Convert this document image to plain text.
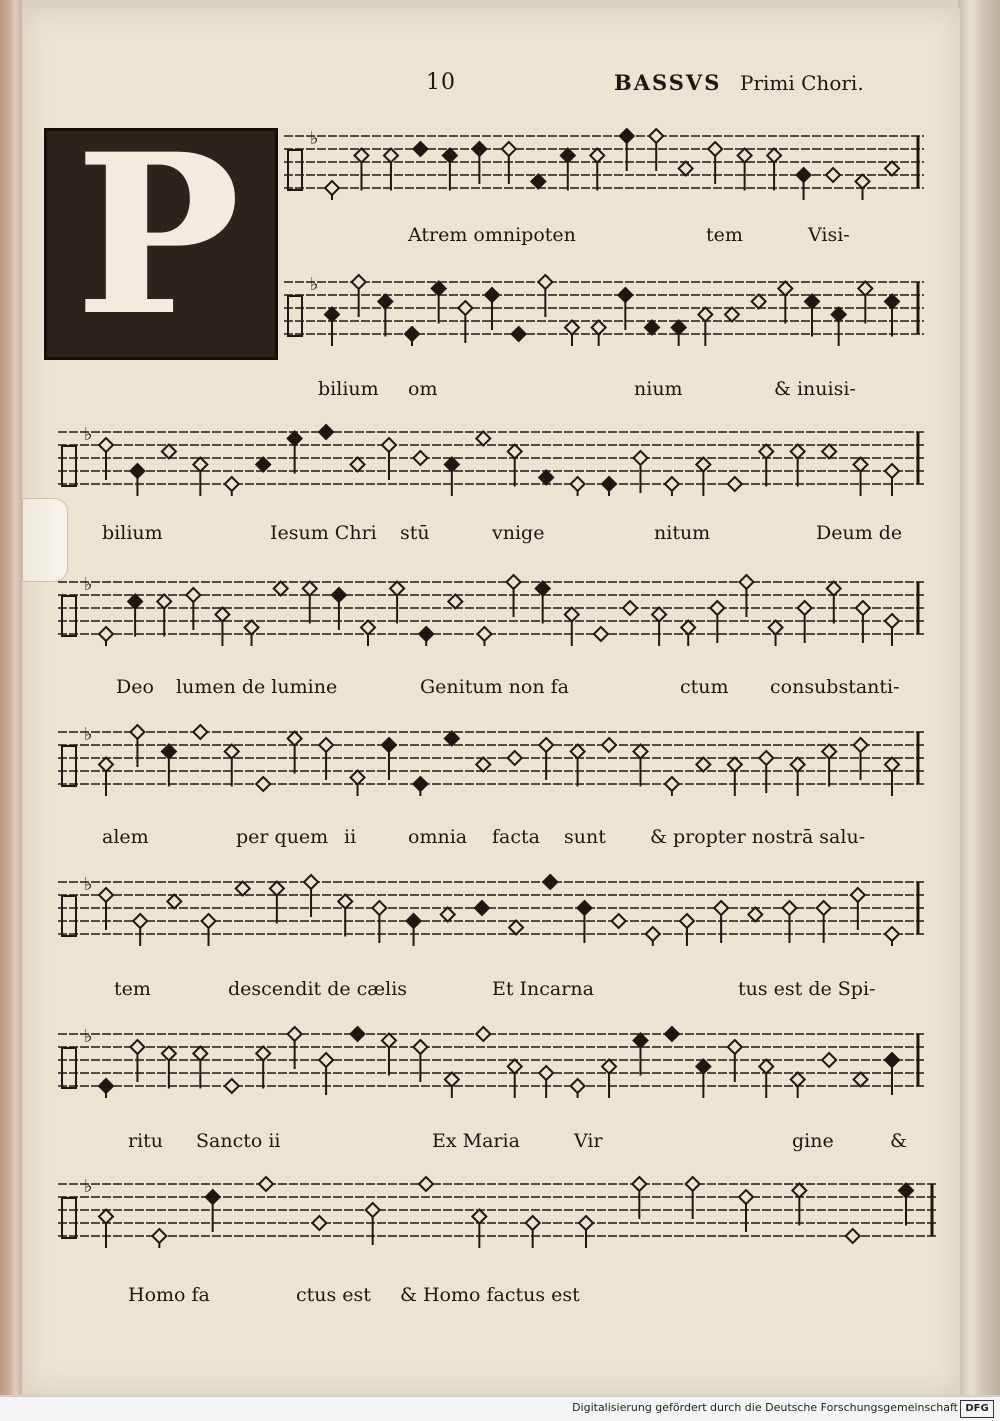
10	BASSVS Primi Chori.
P	♭
♭
♭
♭
♭
♭
♭
♭
Atrem omnipoten	tem	Visi-
bilium om	nium	& inuisi-
bilium	Iesum Chri stū	vnige	nitum	Deum de
Deo lumen de lumine	Genitum non fa	ctum consubstanti-
alem	per quem ii	omnia facta sunt & propter nostrā salu-
tem	descendit de cælis	Et Incarna	tus est de Spi-
ritu Sancto ii	Ex Maria	Vir	gine	&
Homo fa	ctus est & Homo factus est
Digitalisierung gefördert durch die Deutsche Forschungsgemeinschaft DFG
